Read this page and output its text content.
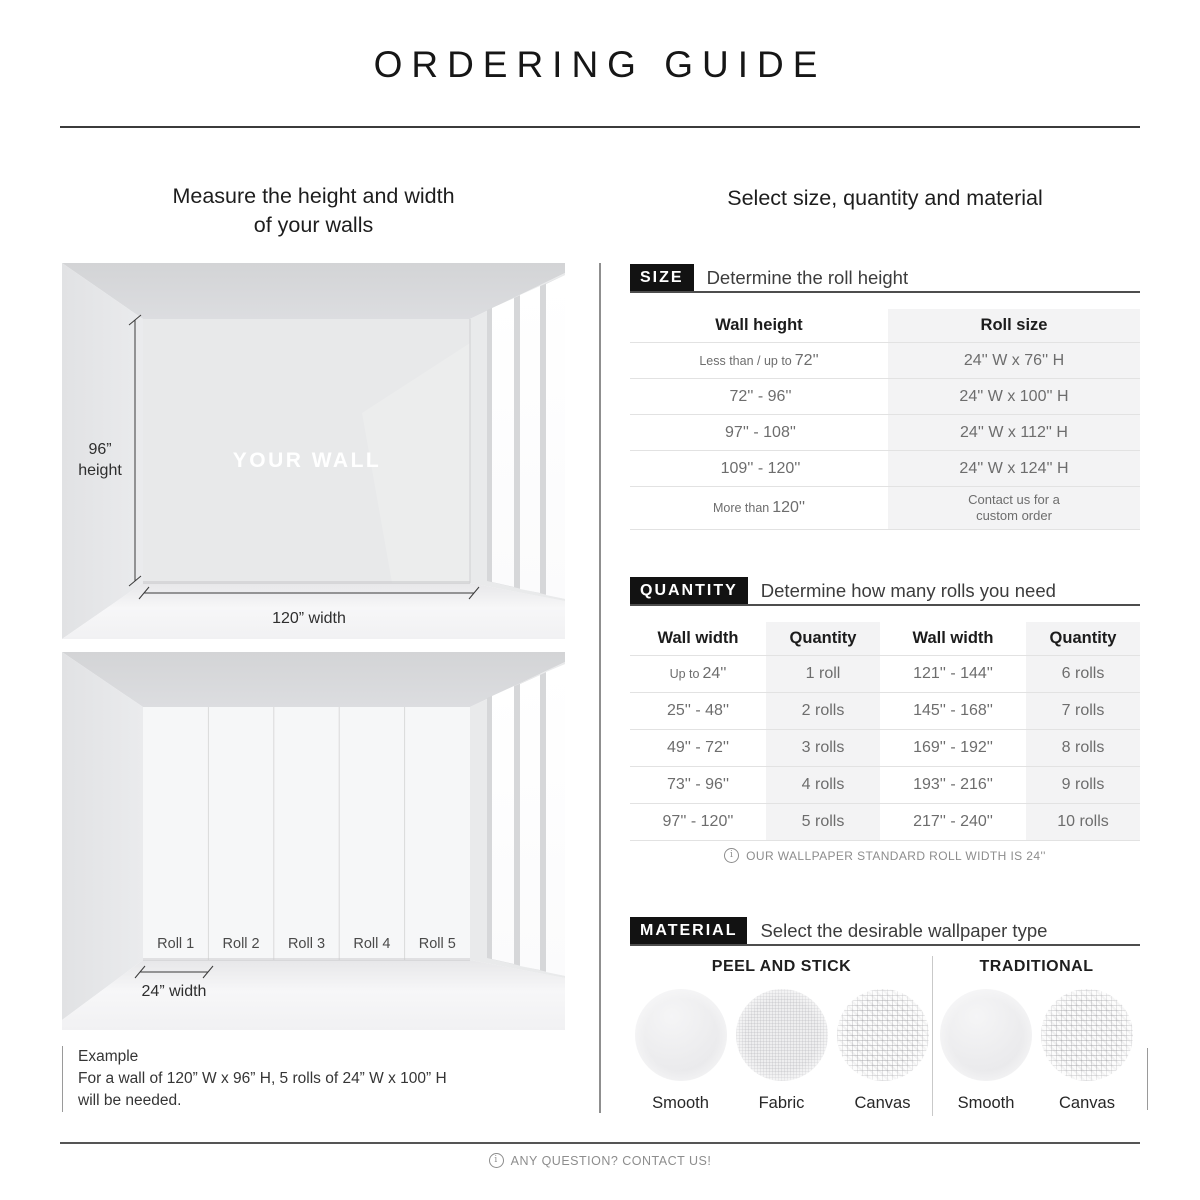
ORDERING GUIDE
Measure the height and width
of your walls
Select size, quantity and material
96”
height	YOUR WALL
120” width
Roll 1 Roll 2 Roll 3 Roll 4 Roll 5
24” width
Example
For a wall of 120” W x 96” H, 5 rolls of 24” W x 100” H
will be needed.
SIZE	Determine the roll height
Wall height	Roll size
Less than / up to 72''	24'' W x 76'' H
72'' - 96''	24'' W x 100'' H
97'' - 108''	24'' W x 112'' H
109'' - 120''	24'' W x 124'' H
More than 120''	Contact us for a
custom order
QUANTITY	Determine how many rolls you need
Wall width	Quantity	Wall width	Quantity
Up to 24''	1 roll	121'' - 144''	6 rolls
25'' - 48''	2 rolls	145'' - 168''	7 rolls
49'' - 72''	3 rolls	169'' - 192''	8 rolls
73'' - 96''	4 rolls	193'' - 216''	9 rolls
97'' - 120''	5 rolls	217'' - 240''	10 rolls
i
OUR WALLPAPER STANDARD ROLL WIDTH IS 24''
MATERIAL	Select the desirable wallpaper type
PEEL AND STICK
Smooth	Fabric	Canvas
TRADITIONAL
Smooth	Canvas
i
ANY QUESTION? CONTACT US!
